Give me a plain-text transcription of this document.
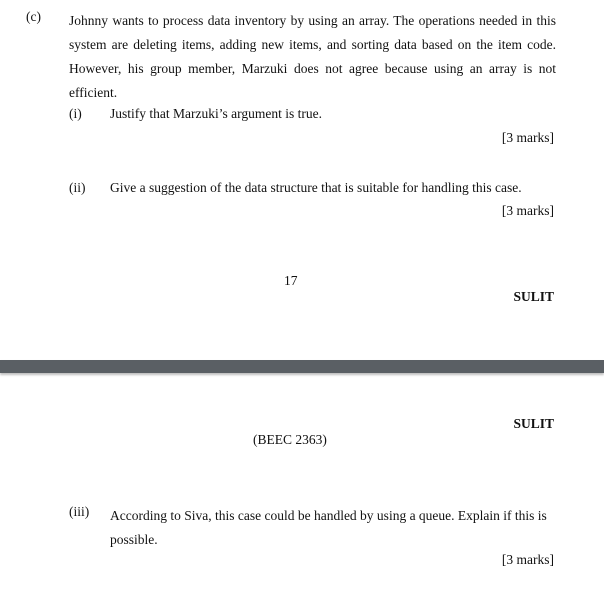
(c) Johnny wants to process data inventory by using an array. The operations needed in this system are deleting items, adding new items, and sorting data based on the item code. However, his group member, Marzuki does not agree because using an array is not efficient.
(i) Justify that Marzuki’s argument is true.
[3 marks]
(ii) Give a suggestion of the data structure that is suitable for handling this case.
[3 marks]
17
SULIT
SULIT
(BEEC 2363)
(iii) According to Siva, this case could be handled by using a queue. Explain if this is possible.
[3 marks]
